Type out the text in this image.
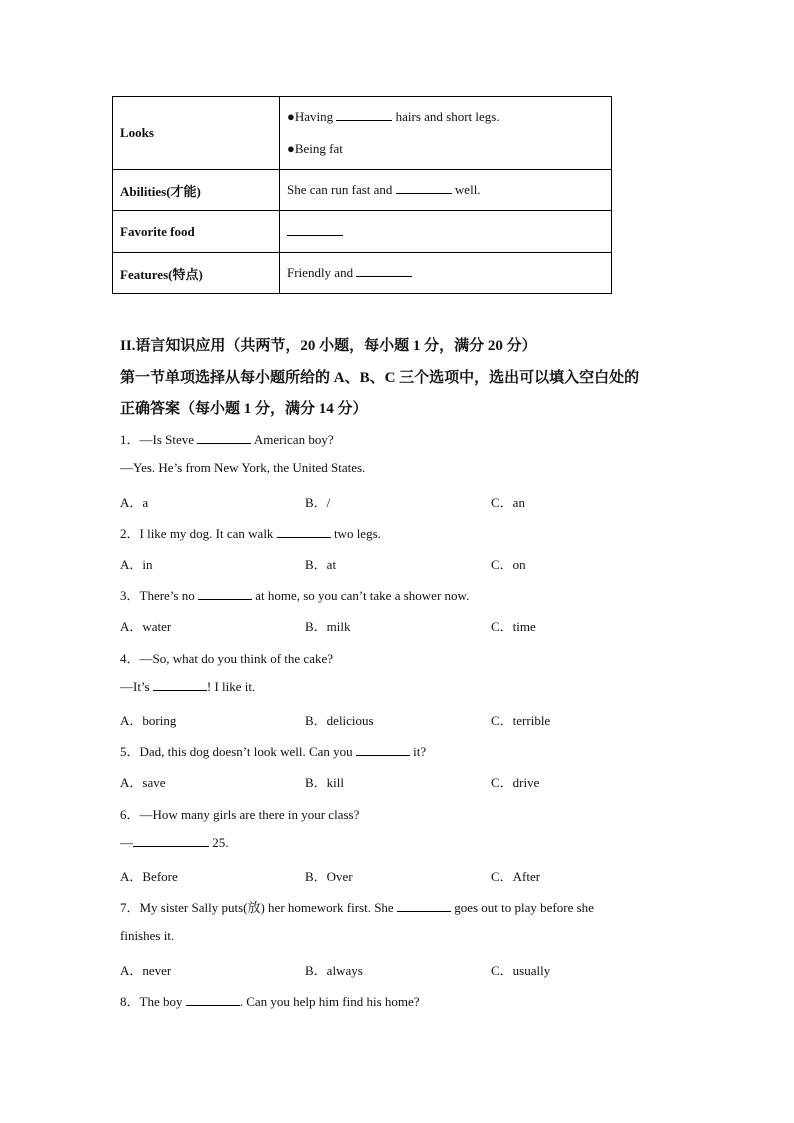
Looks	●Having hairs and short legs.
●Being fat

Abilities(才能)	She can run fast and well.
Favorite food	
Features(特点)	Friendly and
II.语言知识应用（共两节，20 小题，每小题 1 分，满分 20 分）
第一节单项选择从每小题所给的 A、B、C 三个选项中，选出可以填入空白处的
正确答案（每小题 1 分，满分 14 分）
1．—Is Steve	American boy?
—Yes. He’s from New York, the United States.
A．a	B．/	C．an
2．I like my dog. It can walk	two legs.
A．in	B．at	C．on
3．There’s no	at home, so you can’t take a shower now.
A．water	B．milk	C．time
4．—So, what do you think of the cake?
—It’s	! I like it.
A．boring	B．delicious	C．terrible
5．Dad, this dog doesn’t look well. Can you	it?
A．save	B．kill	C．drive
6．—How many girls are there in your class?
—	25.
A．Before	B．Over	C．After
7．My sister Sally puts(放) her homework first. She	goes out to play before she
finishes it.
A．never	B．always	C．usually
8．The boy	. Can you help him find his home?
